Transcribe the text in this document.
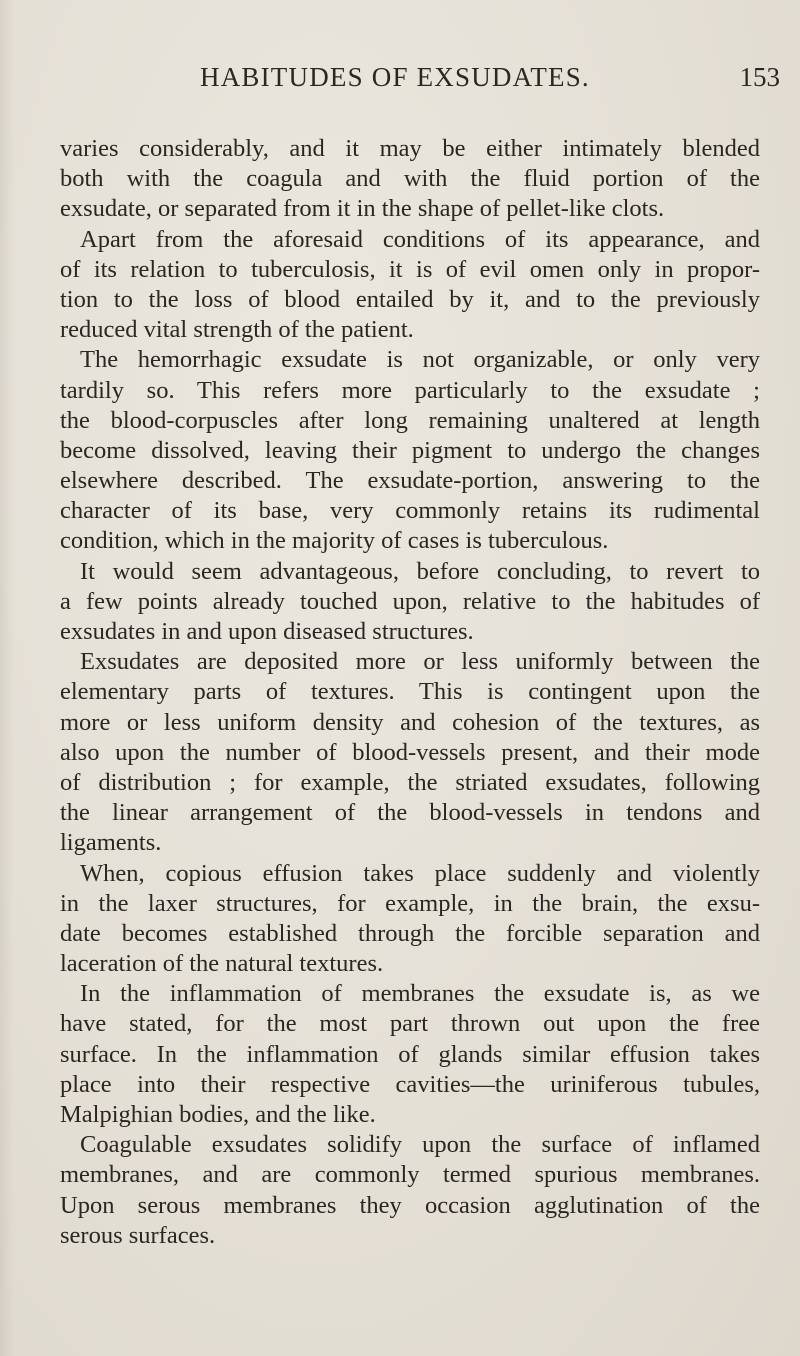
HABITUDES OF EXSUDATES.	153
varies considerably, and it may be either intimately blended
both with the coagula and with the fluid portion of the
exsudate, or separated from it in the shape of pellet-like clots.
Apart from the aforesaid conditions of its appearance, and
of its relation to tuberculosis, it is of evil omen only in propor-
tion to the loss of blood entailed by it, and to the previously
reduced vital strength of the patient.
The hemorrhagic exsudate is not organizable, or only very
tardily so. This refers more particularly to the exsudate ;
the blood-corpuscles after long remaining unaltered at length
become dissolved, leaving their pigment to undergo the changes
elsewhere described. The exsudate-portion, answering to the
character of its base, very commonly retains its rudimental
condition, which in the majority of cases is tuberculous.
It would seem advantageous, before concluding, to revert to
a few points already touched upon, relative to the habitudes of
exsudates in and upon diseased structures.
Exsudates are deposited more or less uniformly between the
elementary parts of textures. This is contingent upon the
more or less uniform density and cohesion of the textures, as
also upon the number of blood-vessels present, and their mode
of distribution ; for example, the striated exsudates, following
the linear arrangement of the blood-vessels in tendons and
ligaments.
When, copious effusion takes place suddenly and violently
in the laxer structures, for example, in the brain, the exsu-
date becomes established through the forcible separation and
laceration of the natural textures.
In the inflammation of membranes the exsudate is, as we
have stated, for the most part thrown out upon the free
surface. In the inflammation of glands similar effusion takes
place into their respective cavities—the uriniferous tubules,
Malpighian bodies, and the like.
Coagulable exsudates solidify upon the surface of inflamed
membranes, and are commonly termed spurious membranes.
Upon serous membranes they occasion agglutination of the
serous surfaces.
